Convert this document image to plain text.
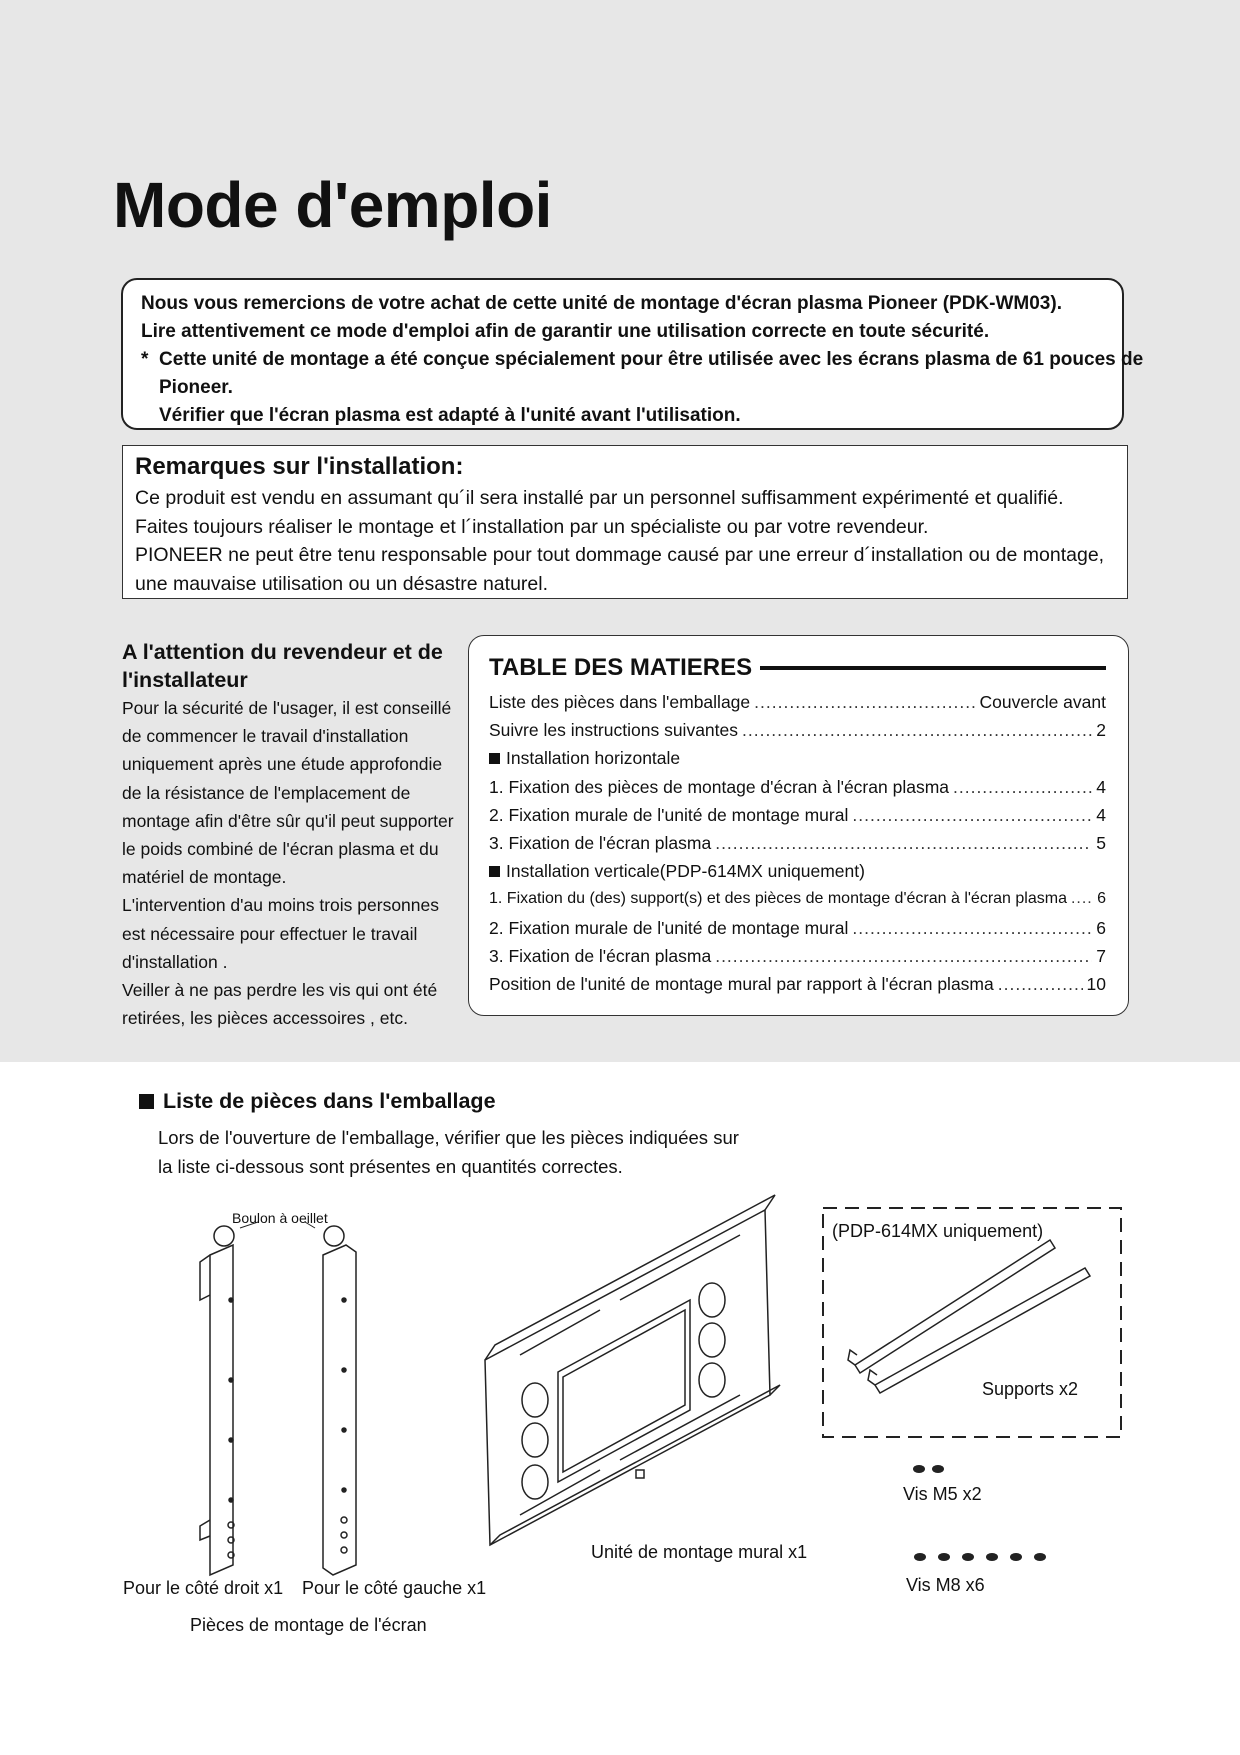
Mode d'emploi
Nous vous remercions de votre achat de cette unité de montage d'écran plasma Pioneer (PDK-WM03).
Lire attentivement ce mode d'emploi afin de garantir une utilisation correcte en toute sécurité.
* Cette unité de montage a été conçue spécialement pour être utilisée avec les écrans plasma de 61 pouces de
Pioneer.
Vérifier que l'écran plasma est adapté à l'unité avant l'utilisation.
Remarques sur l'installation:

Ce produit est vendu en assumant qu´il sera installé par un personnel suffisamment expérimenté et qualifié. Faites toujours réaliser le montage et l´installation par un spécialiste ou par votre revendeur.

PIONEER ne peut être tenu responsable pour tout dommage causé par une erreur d´installation ou de montage, une mauvaise utilisation ou un désastre naturel.

A l'attention du revendeur et de l'installateur

Pour la sécurité de l'usager, il est conseillé de commencer le travail d'installation uniquement après une étude approfondie de la résistance de l'emplacement de montage afin d'être sûr qu'il peut supporter le poids combiné de l'écran plasma et du matériel de montage.

L'intervention d'au moins trois personnes est nécessaire pour effectuer le travail d'installation .

Veiller à ne pas perdre les vis qui ont été retirées, les pièces accessoires , etc.

TABLE DES MATIERES
Liste des pièces dans l'emballage .....	Couvercle avant
Suivre les instructions suivantes .....	2
Installation horizontale
1. Fixation des pièces de montage d'écran à l'écran plasma .....	4
2. Fixation murale de l'unité de montage mural .....	4
3. Fixation de l'écran plasma .....	5
Installation verticale(PDP-614MX uniquement)
1. Fixation du (des) support(s) et des pièces de montage d'écran à l'écran plasma ..... 6
2. Fixation murale de l'unité de montage mural .....	6
3. Fixation de l'écran plasma .....	7
Position de l'unité de montage mural par rapport à l'écran plasma .....	10
Liste de pièces dans l'emballage
Lors de l'ouverture de l'emballage, vérifier que les pièces indiquées sur la liste ci-dessous sont présentes en quantités correctes.
Boulon à oeillet
Pour le côté droit x1 Pour le côté gauche x1
Pièces de montage de l'écran
Unité de montage mural x1
(PDP-614MX uniquement)
Supports x2
Vis M5 x2
Vis M8 x6
